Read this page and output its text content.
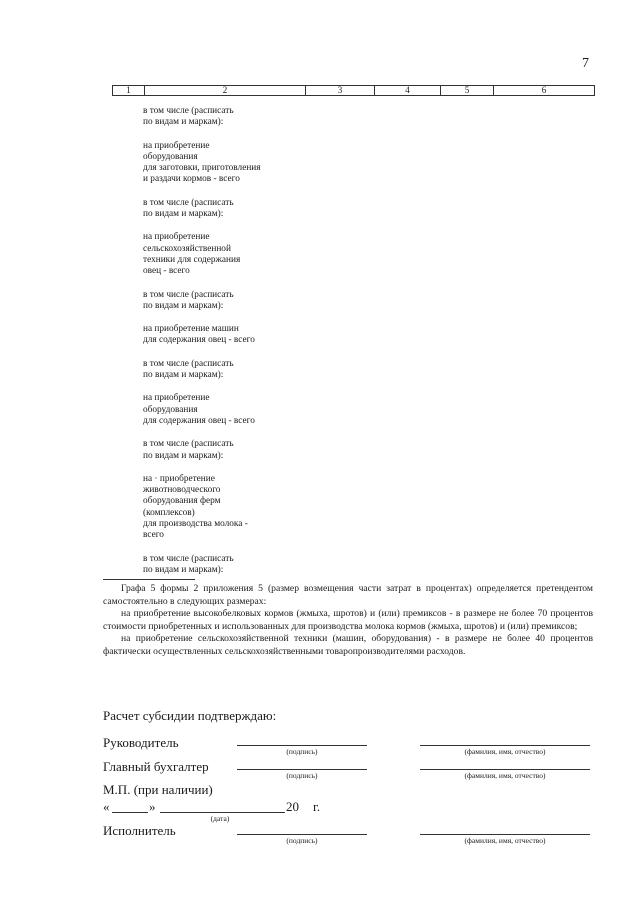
7
1	2	3	4	5	6
в том числе (расписать
по видам и маркам):
на приобретение
оборудования
для заготовки, приготовления
и раздачи кормов - всего
в том числе (расписать
по видам и маркам):
на приобретение
сельскохозяйственной
техники для содержания
овец - всего
в том числе (расписать
по видам и маркам):
на приобретение машин
для содержания овец - всего
в том числе (расписать
по видам и маркам):
на приобретение
оборудования
для содержания овец - всего
в том числе (расписать
по видам и маркам):
на · приобретение
животноводческого
оборудования ферм
(комплексов)
для производства молока -
всего
в том числе (расписать
по видам и маркам):

Графа 5 формы 2 приложения 5 (размер возмещения части затрат в процентах) определяется претендентом самостоятельно в следующих размерах:

на приобретение высокобелковых кормов (жмыха, шротов) и (или) премиксов - в размере не более 70 процентов стоимости приобретенных и использованных для производства молока кормов (жмыха, шротов) и (или) премиксов;

на приобретение сельскохозяйственной техники (машин, оборудования) - в размере не более 40 процентов фактически осуществленных сельскохозяйственными товаропроизводителями расходов.

Расчет субсидии подтверждаю:
Руководитель
(подпись)	(фамилия, имя, отчество)
Главный бухгалтер
(подпись)	(фамилия, имя, отчество)
М.П. (при наличии)
«	»	20 г.
(дата)
Исполнитель
(подпись)	(фамилия, имя, отчество)
